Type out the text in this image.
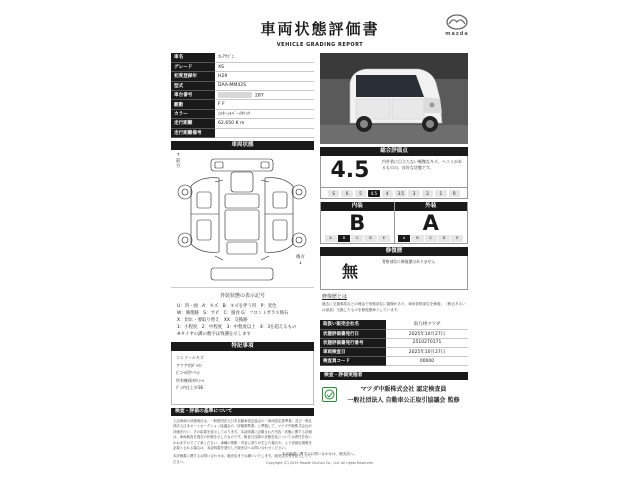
車両状態評価書
VEHICLE GRADING REPORT
mazda
車名	ﾌﾚｱﾜｺﾞﾝ
グレード	XS
初度登録年	H29
型式	DAA-MM42S
車台番号	287
駆動	F F
カラー	ｼﾙｷｰｼﾙﾊﾞｰﾒﾀﾘｯｸ
走行距離	62,650 K m
走行距離備考	
車両状態
↑
前
方
後方
↓
外装状態の表示記号
U：凹・曲　A：キズ　B：キズを伴う凹　P：変色
W：修理跡　S：サビ　C：腐食 G：フロントガラス飛石
X：切れ・要取り替え　XX：交換跡
1：小程度　2：中程度　3：中程度以上　4：3を超えるもの
※タイヤの溝の数字は残溝を示します
特記事項
コンソールキズ
アクア用ｶﾞﾗｽﾉ
ﾋﾞﾆｰﾙ用ﾘｰﾌｨﾝ
所有権保ｽﾀﾃｨｰﾙ
ﾃﾞｨｽｸ仕上ｽﾃ36
検査・評価の基準について
上記車両の評価項目は、一般財団法人日本自動車査定協会の「車両査定基準書」及び一般社団法人日本オートオークション協議会の「評価基準書」に準拠して、マツダ中販株式会社が評価を行い、その結果を表示しております。本証明書に記載された内容・状態に関する評価は、車両検査日現在の状態を示したものです。検査日以降の状態変化については責任を負いかねますのでご了承ください。車種の情報・内容に誤りが生じた場合や、より詳細な情報を必要とされる場合は、本証明書を発行した販売店へお問い合わせください。
本評価書に関するお問い合わせは、販売店までお願いいたします。販売店名等を記入してください。
総合評価点
4.5	内外装に目立たない軽微なキズ、ヘコミがあるものの、良好な状態です。
S	6	5	4.5	4	3.5	3	2	1	R
内装
B
A	B	C	D	E
外装
A
A	B	C	D	E
修復歴
無
骨格部位に修復歴はありません
修復歴とは
過去に交通事故などの理由で骨格部位に損傷があり、車体骨格部位を修復、（修正あるいは部品）交換したものを修復歴車としています。
取扱い販売会社名	南九州マツダ
状態評価書発行日	2025年10月27日
状態評価書発行番号	2510270171
車両検査日	2025年10月27日
検査員コード	00000
検査・評価実施者
マツダ中販株式会社 認定検査員
一般社団法人 自動車公正取引協議会 監修
本評価書に関するお問い合わせは、販売店へ。
Copyright (C) 2019 Mazda Chuhan Co., Ltd. All rights Reserved
